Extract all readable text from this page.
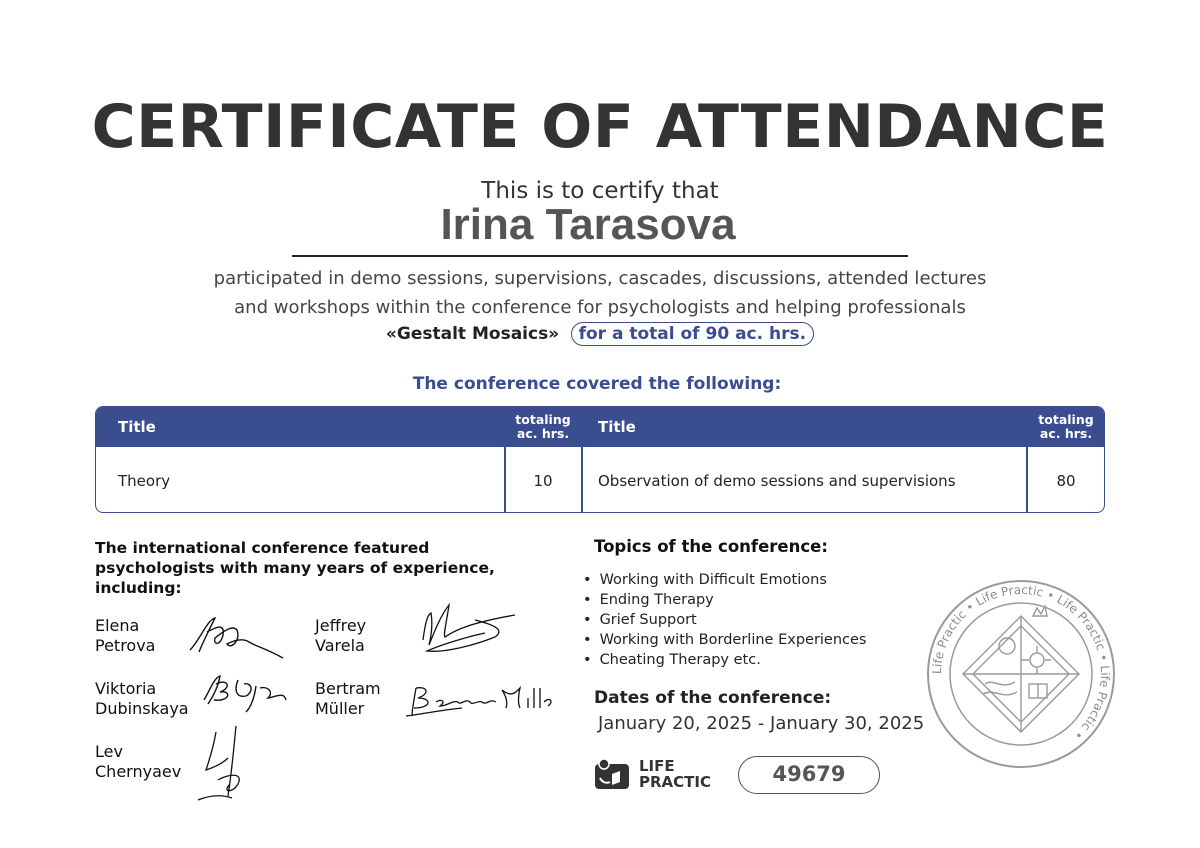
CERTIFICATE OF ATTENDANCE
This is to certify that
Irina Tarasova
participated in demo sessions, supervisions, cascades, discussions, attended lectures
and workshops within the conference for psychologists and helping professionals
«Gestalt Mosaics» for a total of 90 ac. hrs.
The conference covered the following:
Title	totaling ac. hrs.	Title	totaling ac. hrs.
Theory	10	Observation of demo sessions and supervisions	80
The international conference featured psychologists with many years of experience, including:
Elena
Petrova
Jeffrey
Varela
Viktoria
Dubinskaya
Bertram
Müller
Lev
Chernyaev
Topics of the conference:
• Working with Difficult Emotions
• Ending Therapy
• Grief Support
• Working with Borderline Experiences
• Cheating Therapy etc.
Dates of the conference:
January 20, 2025 - January 30, 2025
LIFE
PRACTIC	49679
Life Practic • Life Practic • Life Practic • Life Practic •
